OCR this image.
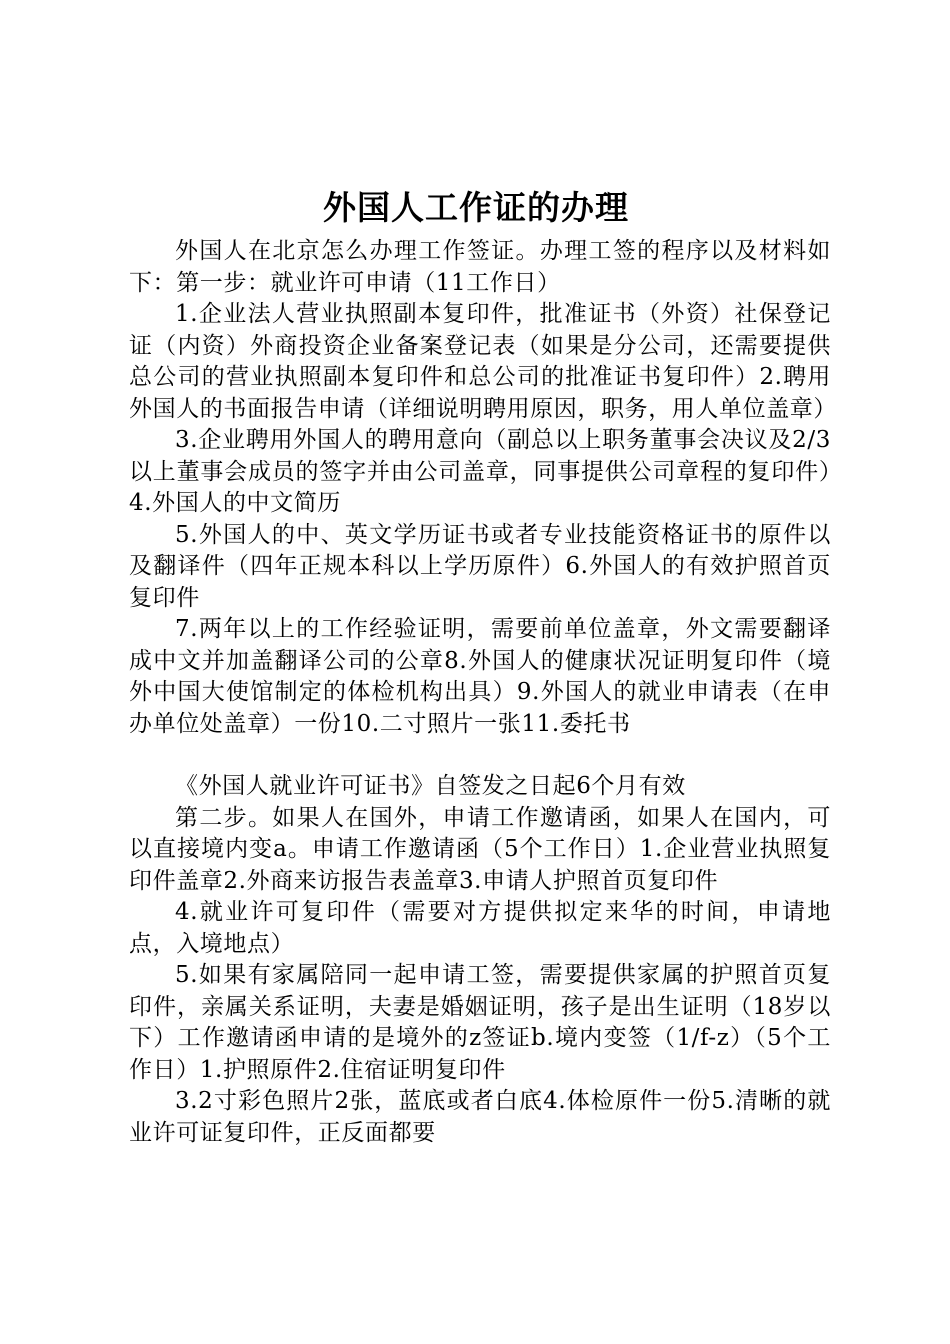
外国人工作证的办理

外国人在北京怎么办理工作签证。办理工签的程序以及材料如下：第一步：就业许可申请（11工作日）

1.企业法人营业执照副本复印件，批准证书（外资）社保登记证（内资）外商投资企业备案登记表（如果是分公司，还需要提供总公司的营业执照副本复印件和总公司的批准证书复印件）2.聘用外国人的书面报告申请（详细说明聘用原因，职务，用人单位盖章）

3.企业聘用外国人的聘用意向（副总以上职务董事会决议及2/3以上董事会成员的签字并由公司盖章，同事提供公司章程的复印件）4.外国人的中文简历

5.外国人的中、英文学历证书或者专业技能资格证书的原件以及翻译件（四年正规本科以上学历原件）6.外国人的有效护照首页复印件

7.两年以上的工作经验证明，需要前单位盖章，外文需要翻译成中文并加盖翻译公司的公章8.外国人的健康状况证明复印件（境外中国大使馆制定的体检机构出具）9.外国人的就业申请表（在申办单位处盖章）一份10.二寸照片一张11.委托书

《外国人就业许可证书》自签发之日起6个月有效

第二步。如果人在国外，申请工作邀请函，如果人在国内，可以直接境内变a。申请工作邀请函（5个工作日）1.企业营业执照复印件盖章2.外商来访报告表盖章3.申请人护照首页复印件

4.就业许可复印件（需要对方提供拟定来华的时间，申请地点，入境地点）

5.如果有家属陪同一起申请工签，需要提供家属的护照首页复印件，亲属关系证明，夫妻是婚姻证明，孩子是出生证明（18岁以下）工作邀请函申请的是境外的z签证b.境内变签（1/f-z）（5个工作日）1.护照原件2.住宿证明复印件

3.2寸彩色照片2张，蓝底或者白底4.体检原件一份5.清晰的就业许可证复印件，正反面都要
